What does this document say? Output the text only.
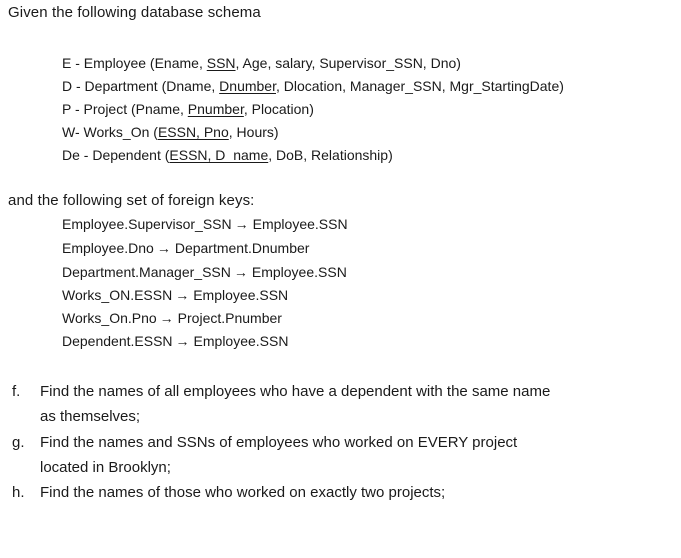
Given the following database schema
E - Employee (Ename, SSN, Age, salary, Supervisor_SSN, Dno)
D - Department (Dname, Dnumber, Dlocation, Manager_SSN, Mgr_StartingDate)
P - Project (Pname, Pnumber, Plocation)
W- Works_On (ESSN, Pno, Hours)
De - Dependent (ESSN, D_name, DoB, Relationship)
and the following set of foreign keys:
Employee.Supervisor_SSN → Employee.SSN
Employee.Dno → Department.Dnumber
Department.Manager_SSN → Employee.SSN
Works_ON.ESSN → Employee.SSN
Works_On.Pno → Project.Pnumber
Dependent.ESSN → Employee.SSN
f. Find the names of all employees who have a dependent with the same name
as themselves;
g. Find the names and SSNs of employees who worked on EVERY project
located in Brooklyn;
h. Find the names of those who worked on exactly two projects;
